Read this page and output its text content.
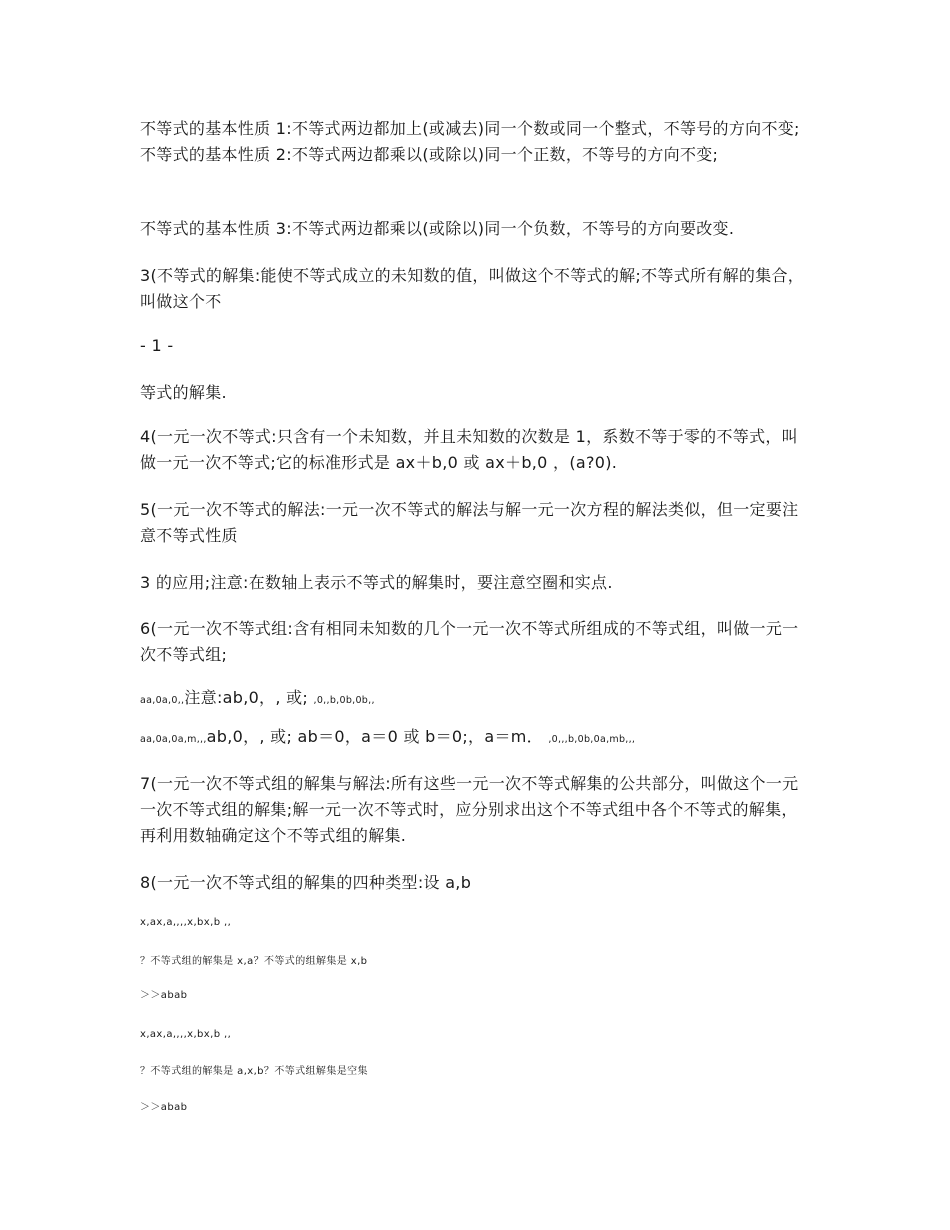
不等式的基本性质 1:不等式两边都加上(或减去)同一个数或同一个整式，不等号的方向不变; 不等式的基本性质 2:不等式两边都乘以(或除以)同一个正数，不等号的方向不变;

不等式的基本性质 3:不等式两边都乘以(或除以)同一个负数，不等号的方向要改变.

3(不等式的解集:能使不等式成立的未知数的值，叫做这个不等式的解;不等式所有解的集合，叫做这个不

- 1 -

等式的解集.

4(一元一次不等式:只含有一个未知数，并且未知数的次数是 1，系数不等于零的不等式，叫做一元一次不等式;它的标准形式是 ax＋b,0 或 ax＋b,0 ，(a?0).

5(一元一次不等式的解法:一元一次不等式的解法与解一元一次方程的解法类似，但一定要注意不等式性质

3 的应用;注意:在数轴上表示不等式的解集时，要注意空圈和实点.

6(一元一次不等式组:含有相同未知数的几个一元一次不等式所组成的不等式组，叫做一元一次不等式组;

aa,0a,0,,注意:ab,0，, 或; ,0,,b,0b,0b,,

aa,0a,0a,m,,,ab,0，, 或; ab＝0，a＝0 或 b＝0;，a＝m． ,0,,,b,0b,0a,mb,,,

7(一元一次不等式组的解集与解法:所有这些一元一次不等式解集的公共部分，叫做这个一元一次不等式组的解集;解一元一次不等式时，应分别求出这个不等式组中各个不等式的解集，再利用数轴确定这个不等式组的解集.

8(一元一次不等式组的解集的四种类型:设 a,b

x,ax,a,,,,x,bx,b ,,

？不等式组的解集是 x,a？不等式的组解集是 x,b

＞＞abab

x,ax,a,,,,x,bx,b ,,

？不等式组的解集是 a,x,b？不等式组解集是空集

＞＞abab
